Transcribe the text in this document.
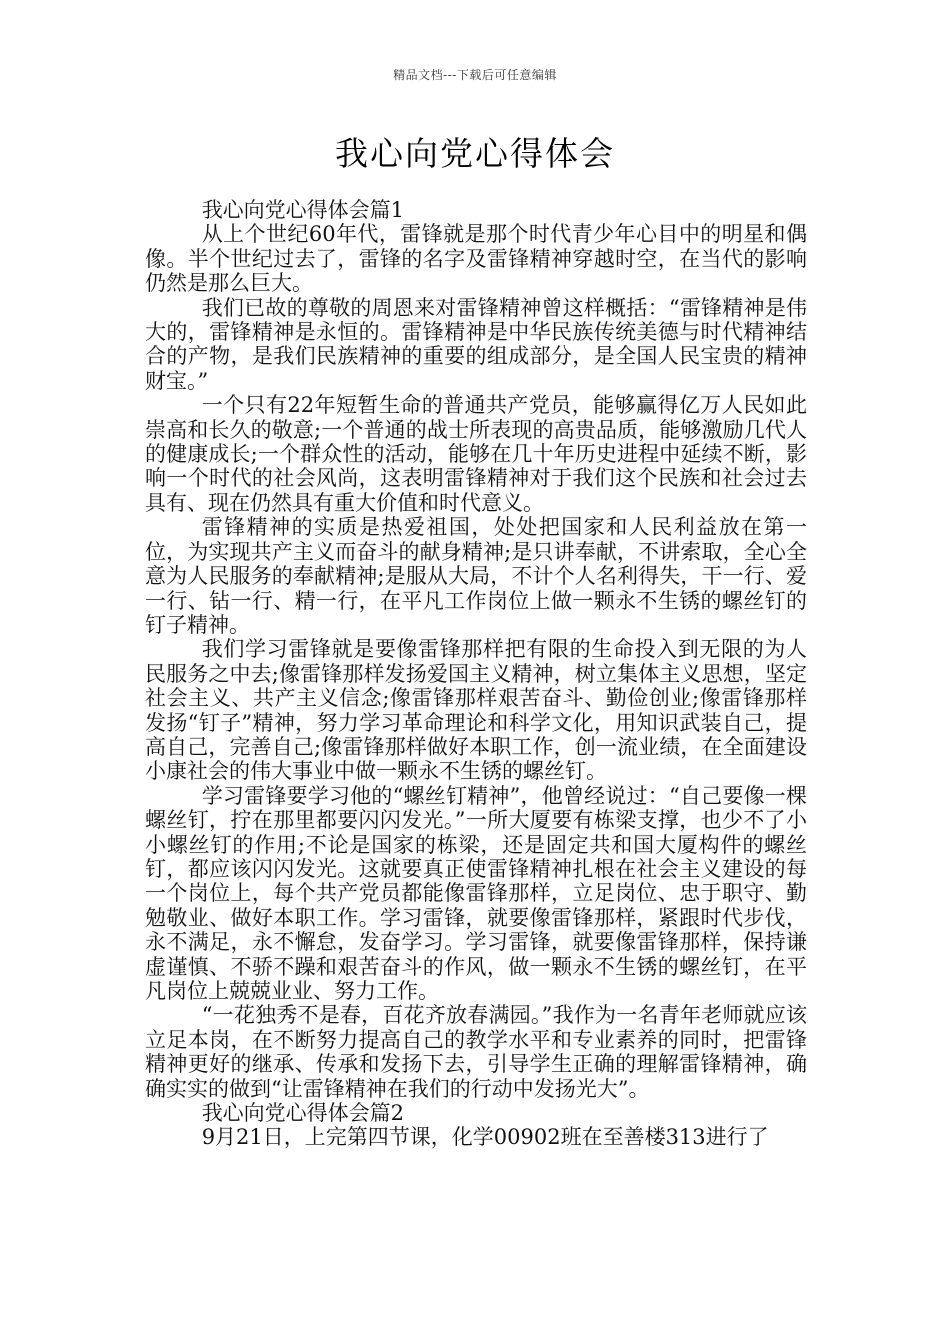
精品文档---下载后可任意编辑
我心向党心得体会

我心向党心得体会篇1

从上个世纪60年代，雷锋就是那个时代青少年心目中的明星和偶像。半个世纪过去了，雷锋的名字及雷锋精神穿越时空，在当代的影响仍然是那么巨大。

我们已故的尊敬的周恩来对雷锋精神曾这样概括：“雷锋精神是伟大的，雷锋精神是永恒的。雷锋精神是中华民族传统美德与时代精神结合的产物，是我们民族精神的重要的组成部分，是全国人民宝贵的精神财宝。”

一个只有22年短暂生命的普通共产党员，能够赢得亿万人民如此崇高和长久的敬意;一个普通的战士所表现的高贵品质，能够激励几代人的健康成长;一个群众性的活动，能够在几十年历史进程中延续不断，影响一个时代的社会风尚，这表明雷锋精神对于我们这个民族和社会过去具有、现在仍然具有重大价值和时代意义。

雷锋精神的实质是热爱祖国，处处把国家和人民利益放在第一位，为实现共产主义而奋斗的献身精神;是只讲奉献，不讲索取，全心全意为人民服务的奉献精神;是服从大局，不计个人名利得失，干一行、爱一行、钻一行、精一行，在平凡工作岗位上做一颗永不生锈的螺丝钉的钉子精神。

我们学习雷锋就是要像雷锋那样把有限的生命投入到无限的为人民服务之中去;像雷锋那样发扬爱国主义精神，树立集体主义思想，坚定社会主义、共产主义信念;像雷锋那样艰苦奋斗、勤俭创业;像雷锋那样发扬“钉子”精神，努力学习革命理论和科学文化，用知识武装自己，提高自己，完善自己;像雷锋那样做好本职工作，创一流业绩，在全面建设小康社会的伟大事业中做一颗永不生锈的螺丝钉。

学习雷锋要学习他的“螺丝钉精神”，他曾经说过：“自己要像一棵螺丝钉，拧在那里都要闪闪发光。”一所大厦要有栋梁支撑，也少不了小小螺丝钉的作用;不论是国家的栋梁，还是固定共和国大厦构件的螺丝钉，都应该闪闪发光。这就要真正使雷锋精神扎根在社会主义建设的每一个岗位上，每个共产党员都能像雷锋那样，立足岗位、忠于职守、勤勉敬业、做好本职工作。学习雷锋，就要像雷锋那样，紧跟时代步伐，永不满足，永不懈怠，发奋学习。学习雷锋，就要像雷锋那样，保持谦虚谨慎、不骄不躁和艰苦奋斗的作风，做一颗永不生锈的螺丝钉，在平凡岗位上兢兢业业、努力工作。

“一花独秀不是春，百花齐放春满园。”我作为一名青年老师就应该立足本岗，在不断努力提高自己的教学水平和专业素养的同时，把雷锋精神更好的继承、传承和发扬下去，引导学生正确的理解雷锋精神，确确实实的做到“让雷锋精神在我们的行动中发扬光大”。

我心向党心得体会篇2

9月21日，上完第四节课，化学00902班在至善楼313进行了
